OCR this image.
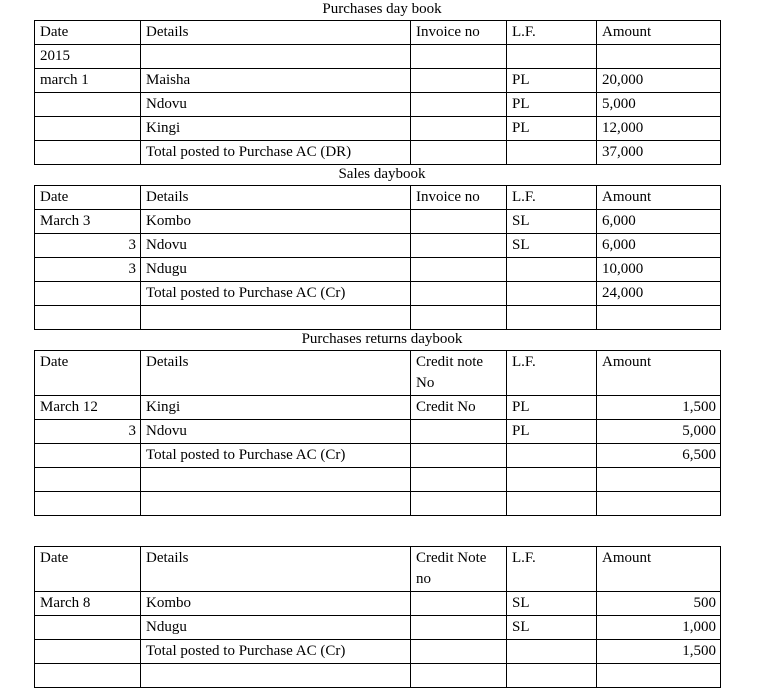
Purchases day book
Date	Details	Invoice no	L.F.	Amount
2015				
march 1	Maisha		PL	20,000
	Ndovu		PL	5,000
	Kingi		PL	12,000
	Total posted to Purchase AC (DR)			37,000
Sales daybook
Date	Details	Invoice no	L.F.	Amount
March 3	Kombo		SL	6,000
3	Ndovu		SL	6,000
3	Ndugu			10,000
	Total posted to Purchase AC (Cr)			24,000

Purchases returns daybook
Date	Details	Credit note No	L.F.	Amount
March 12	Kingi	Credit No	PL	1,500
3	Ndovu		PL	5,000
	Total posted to Purchase AC (Cr)			6,500

Date	Details	Credit Note no	L.F.	Amount
March 8	Kombo		SL	500
	Ndugu		SL	1,000
	Total posted to Purchase AC (Cr)			1,500
